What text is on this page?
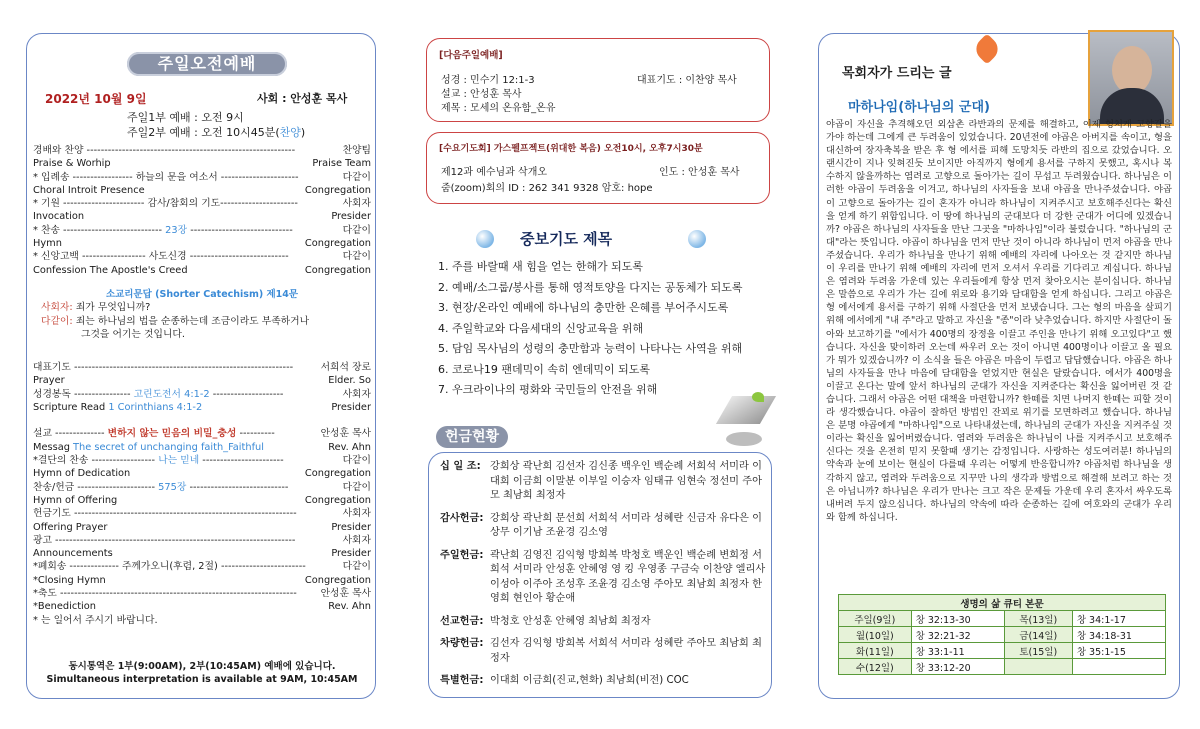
주일오전예배
2022년 10월 9일	사회 : 안성훈 목사
주일1부 예배 : 오전 9시
주일2부 예배 : 오전 10시45분(찬양)
경배와 찬양 -----------------------------------------------------------	찬양팀
Praise & Worhip	Praise Team
* 입례송 ----------------- 하늘의 문을 여소서 ----------------------	다같이
Choral Introit Presence	Congregation
* 기원 ----------------------- 감사/참회의 기도----------------------	사회자
Invocation	Presider
* 찬송 ---------------------------- 23장 -----------------------------	다같이
Hymn	Congregation
* 신앙고백 ------------------ 사도신경 ----------------------------	다같이
Confession The Apostle's Creed	Congregation
소교리문답 (Shorter Catechism) 제14문
사회자: 죄가 무엇입니까?
다같이: 죄는 하나님의 법을 순종하는데 조금이라도 부족하거나
그것을 어기는 것입니다.
대표기도 --------------------------------------------------------------	서희석 장로
Prayer	Elder. So
성경봉독 ---------------- 고린도전서 4:1-2 --------------------	사회자
Scripture Read 1 Corinthians 4:1-2	Presider
설교 -------------- 변하지 않는 믿음의 비밀_충성 ----------	안성훈 목사
Messag The secret of unchanging faith_Faithful	Rev. Ahn
*결단의 찬송 ------------------ 나는 믿네 -----------------------	다같이
Hymn of Dedication	Congregation
찬송/헌금 ---------------------- 575장 ----------------------------	다같이
Hymn of Offering	Congregation
헌금기도 ---------------------------------------------------------------	사회자
Offering Prayer	Presider
광고 --------------------------------------------------------------------	사회자
Announcements	Presider
*폐회송 -------------- 주께가오니(후렴, 2절) ------------------------	다같이
*Closing Hymn	Congregation
*축도 ------------------------------------------------------------------- 안성훈 목사
*Benediction	Rev. Ahn
* 는 일어서 주시기 바랍니다.
동시통역은 1부(9:00AM), 2부(10:45AM) 예배에 있습니다.
Simultaneous interpretation is available at 9AM, 10:45AM
[다음주일예배]
성경 : 민수기 12:1-3	대표기도 : 이찬양 목사
설교 : 안성훈 목사
제목 : 모세의 온유함_온유
[수요기도회] 가스펠프젝트(위대한 복음) 오전10시, 오후7시30분
제12과 예수님과 삭개오	인도 : 안성훈 목사
줌(zoom)회의 ID : 262 341 9328 암호: hope
중보기도 제목
1. 주를 바랄때 새 힘을 얻는 한해가 되도록
2. 예배/소그룹/봉사를 통해 영적토양을 다지는 공동체가 되도록
3. 현장/온라인 예배에 하나님의 충만한 은혜를 부어주시도록
4. 주일학교와 다음세대의 신앙교육을 위해
5. 담임 목사님의 성령의 충만함과 능력이 나타나는 사역을 위해
6. 코로나19 팬데믹이 속히 엔데믹이 되도록
7. 우크라이나의 평화와 국민들의 안전을 위해
헌금현황
십 일 조: 강희상 곽난희 김선자 김신종 백우인 백순례 서희석 서미라 이대희 이금희 이말분 이부일 이승자 임태규 임현숙 정선미 주아모 최남희 최정자
감사헌금: 강희상 곽난희 문선희 서희석 서미라 성혜란 신금자 유다은 이상무 이기남 조윤경 김소영
주일헌금: 곽난희 김영진 김익형 방희복 박청호 백운인 백순례 변희정 서희석 서미라 안성훈 안혜영 영 킹 우영종 구금숙 이찬양 엘리사 이성아 이주아 조성후 조윤경 김소영 주아모 최남희 최정자 한영희 현인아 황순애
선교헌금: 박청호 안성훈 안혜영 최남희 최정자
차량헌금: 김선자 김익형 방희복 서희석 서미라 성혜란 주아모 최남희 최정자
특별헌금: 이대희 이금희(진교,현화) 최남희(비전) COC
목회자가 드리는 글
마하나임(하나님의 군대)
야곱이 자신을 추격해오던 외삼촌 라반과의 문제를 해결하고, 이제 형처게 고향갈을 가야 하는데 그에게 큰 두려움이 있었습니다. 20년전에 야곱은 아버지를 속이고, 형을 대신하여 장자축복을 받은 후 형 에서를 피해 도망치듯 라반의 집으로 갔었습니다. 오랜시간이 지나 잊혀진듯 보이지만 아직까지 형에게 용서를 구하지 못했고, 혹시나 복수하지 않을까하는 염려로 고향으로 돌아가는 길이 무섭고 두려웠습니다. 하나님은 이러한 야곱이 두려움을 이겨고, 하나님의 사자들을 보내 야곱을 만나주셨습니다. 야곱이 고향으로 돌아가는 길이 혼자가 아니라 하나님이 지켜주시고 보호해주신다는 확신을 얻게 하기 위함입니다. 이 땅에 하나님의 군대보다 더 강한 군대가 어디에 있겠습니까? 야곱은 하나님의 사자들을 만난 그곳을 "마하나임"이라 불렀습니다. "하나님의 군대"라는 뜻입니다. 야곱이 하나님을 먼저 만난 것이 아니라 하나님이 먼저 야곱을 만나주셨습니다. 우리가 하나님을 만나기 위해 예배의 자리에 나아오는 것 같지만 하나님이 우리를 만나기 위해 예배의 자리에 먼저 오셔서 우리를 기다리고 계십니다. 하나님은 염려와 두려움 가운데 있는 우리들에게 항상 먼저 찾아오시는 분이십니다. 하나님은 말씀으로 우리가 가는 길에 위로와 용기와 담대함을 얻게 하십니다. 그리고 야곱은 형 에서에게 용서를 구하기 위해 사절단을 먼저 보냈습니다. 그는 형의 마음을 살피기 위해 에서에게 "내 주"라고 말하고 자신을 "종"이라 낮추었습니다. 하지만 사절단이 돌아와 보고하기를 "에서가 400명의 장정을 이끌고 주인을 만나기 위해 오고있다"고 했습니다. 자신을 맞이하러 오는데 싸우러 오는 것이 아니면 400명이나 이끌고 올 필요가 뭐가 있겠습니까? 이 소식을 들은 야곱은 마음이 두렵고 답답했습니다. 야곱은 하나님의 사자들을 만나 마음에 담대함을 얻었지만 현실은 달랐습니다. 에서가 400명을 이끌고 온다는 말에 앞서 하나님의 군대가 자신을 지켜준다는 확신을 잃어버린 것 같습니다. 그래서 야곱은 어떤 대책을 마련합니까? 한떼를 치면 나머지 한떼는 피할 것이라 생각했습니다. 야곱이 잘하던 방법인 잔꾀로 위기를 모면하려고 했습니다. 하나님은 분명 야곱에게 "마하나임"으로 나타내셨는데, 하나님의 군대가 자신을 지켜주실 것이라는 확신을 잃어버렸습니다. 염려와 두려움은 하나님이 나를 지켜주시고 보호해주신다는 것을 온전히 믿지 못할때 생기는 감정입니다. 사랑하는 성도여러분! 하나님의 약속과 눈에 보이는 현실이 다를때 우리는 어떻게 반응합니까? 야곱처럼 하나님을 생각하지 않고, 염려와 두려움으로 지꾸만 나의 생각과 방법으로 해결해 보려고 하는 것은 아닙니까? 하나님은 우리가 만나는 크고 작은 문제들 가운데 우리 혼자서 싸우도록 내버려 두지 않으십니다. 하나님의 약속에 따라 순종하는 길에 여호와의 군대가 우리와 함께 하십니다.
생명의 삶 큐티 본문			
주일(9일)	창 32:13-30	목(13일)	창 34:1-17
월(10일)	창 32:21-32	금(14일)	창 34:18-31
화(11일)	창 33:1-11	토(15일)	창 35:1-15
수(12일)	창 33:12-20		
